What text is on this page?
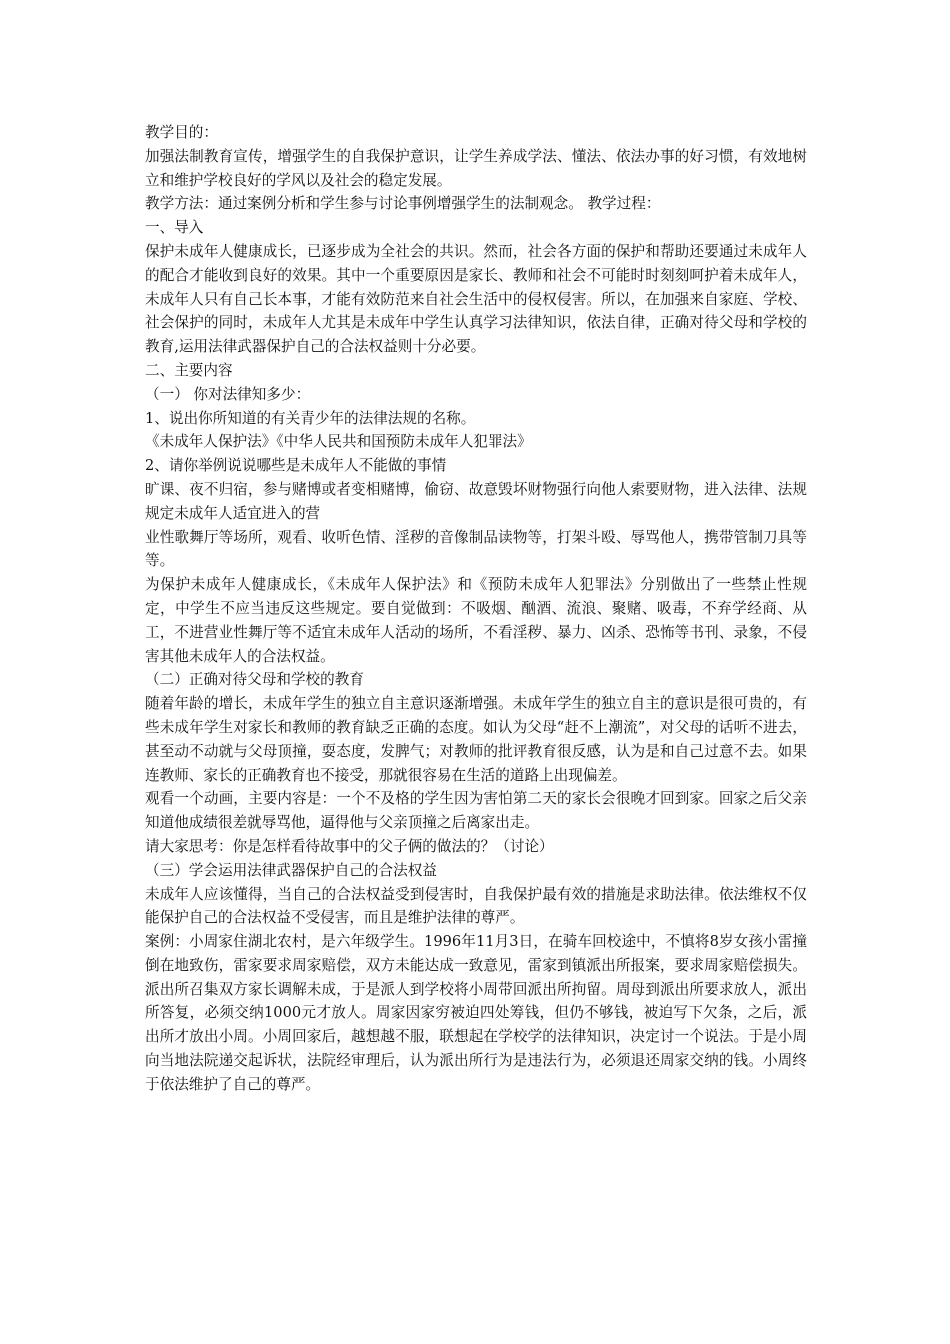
教学目的：

加强法制教育宣传，增强学生的自我保护意识，让学生养成学法、懂法、依法办事的好习惯，有效地树立和维护学校良好的学风以及社会的稳定发展。

教学方法：通过案例分析和学生参与讨论事例增强学生的法制观念。 教学过程：

一、导入

保护未成年人健康成长，已逐步成为全社会的共识。然而，社会各方面的保护和帮助还要通过未成年人的配合才能收到良好的效果。其中一个重要原因是家长、教师和社会不可能时时刻刻呵护着未成年人，未成年人只有自己长本事，才能有效防范来自社会生活中的侵权侵害。所以，在加强来自家庭、学校、社会保护的同时，未成年人尤其是未成年中学生认真学习法律知识，依法自律，正确对待父母和学校的教育,运用法律武器保护自己的合法权益则十分必要。

二、主要内容

（一） 你对法律知多少：

1、说出你所知道的有关青少年的法律法规的名称。

《未成年人保护法》《中华人民共和国预防未成年人犯罪法》

2、请你举例说说哪些是未成年人不能做的事情

旷课、夜不归宿，参与赌博或者变相赌博，偷窃、故意毁坏财物强行向他人索要财物，进入法律、法规规定未成年人适宜进入的营

业性歌舞厅等场所，观看、收听色情、淫秽的音像制品读物等，打架斗殴、辱骂他人，携带管制刀具等等。

为保护未成年人健康成长，《未成年人保护法》和《预防未成年人犯罪法》分别做出了一些禁止性规定，中学生不应当违反这些规定。要自觉做到：不吸烟、酗酒、流浪、聚赌、吸毒，不弃学经商、从工，不进营业性舞厅等不适宜未成年人活动的场所，不看淫秽、暴力、凶杀、恐怖等书刊、录象，不侵害其他未成年人的合法权益。

（二）正确对待父母和学校的教育

随着年龄的增长，未成年学生的独立自主意识逐渐增强。未成年学生的独立自主的意识是很可贵的，有些未成年学生对家长和教师的教育缺乏正确的态度。如认为父母“赶不上潮流”，对父母的话听不进去，甚至动不动就与父母顶撞，耍态度，发脾气；对教师的批评教育很反感，认为是和自己过意不去。如果连教师、家长的正确教育也不接受，那就很容易在生活的道路上出现偏差。

观看一个动画，主要内容是：一个不及格的学生因为害怕第二天的家长会很晚才回到家。回家之后父亲知道他成绩很差就辱骂他，逼得他与父亲顶撞之后离家出走。

请大家思考：你是怎样看待故事中的父子俩的做法的？（讨论）

（三）学会运用法律武器保护自己的合法权益

未成年人应该懂得，当自己的合法权益受到侵害时，自我保护最有效的措施是求助法律。依法维权不仅能保护自己的合法权益不受侵害，而且是维护法律的尊严。

案例：小周家住湖北农村，是六年级学生。1996年11月3日，在骑车回校途中，不慎将8岁女孩小雷撞倒在地致伤，雷家要求周家赔偿，双方未能达成一致意见，雷家到镇派出所报案，要求周家赔偿损失。派出所召集双方家长调解未成，于是派人到学校将小周带回派出所拘留。周母到派出所要求放人，派出所答复，必须交纳1000元才放人。周家因家穷被迫四处筹钱，但仍不够钱，被迫写下欠条，之后，派出所才放出小周。小周回家后，越想越不服，联想起在学校学的法律知识，决定讨一个说法。于是小周向当地法院递交起诉状，法院经审理后，认为派出所行为是违法行为，必须退还周家交纳的钱。小周终于依法维护了自己的尊严。
